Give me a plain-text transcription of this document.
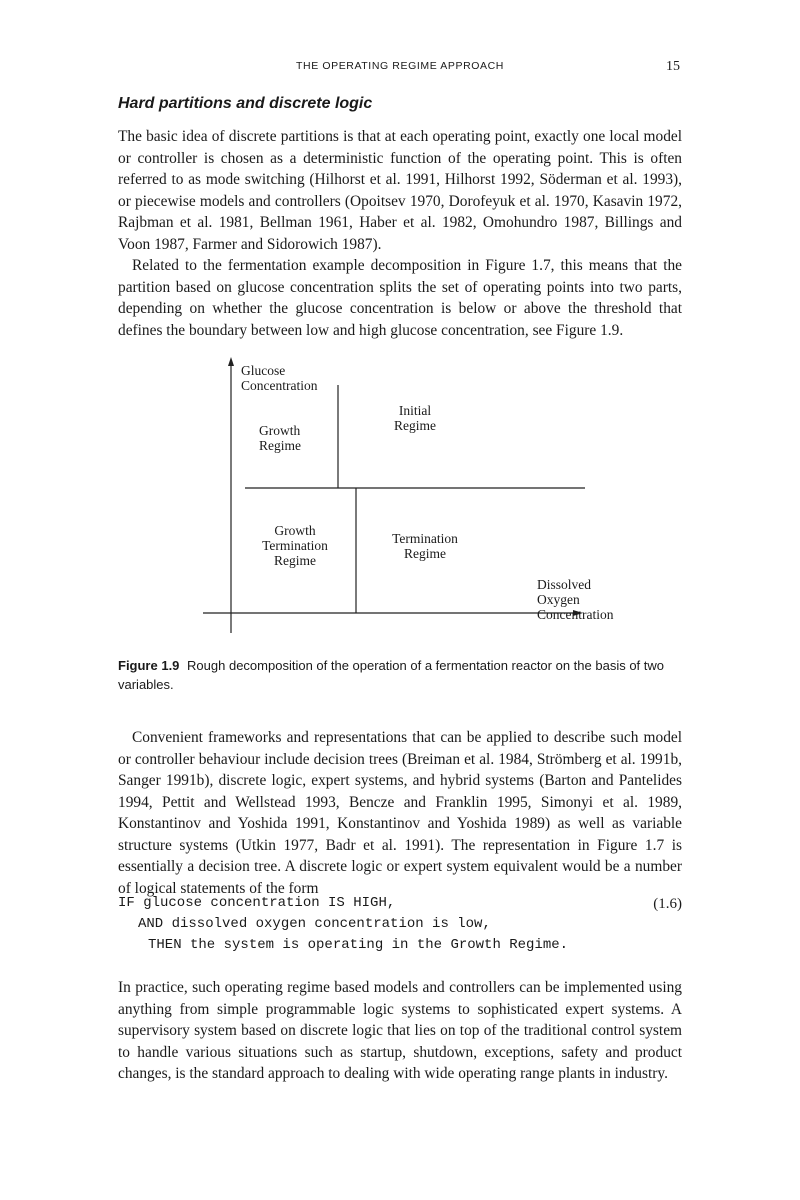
THE OPERATING REGIME APPROACH	15
Hard partitions and discrete logic

The basic idea of discrete partitions is that at each operating point, exactly one local model or controller is chosen as a deterministic function of the operating point. This is often referred to as mode switching (Hilhorst et al. 1991, Hilhorst 1992, Söderman et al. 1993), or piecewise models and controllers (Opoitsev 1970, Dorofeyuk et al. 1970, Kasavin 1972, Rajbman et al. 1981, Bellman 1961, Haber et al. 1982, Omohundro 1987, Billings and Voon 1987, Farmer and Sidorowich 1987).

Related to the fermentation example decomposition in Figure 1.7, this means that the partition based on glucose concentration splits the set of operating points into two parts, depending on whether the glucose concentration is below or above the threshold that defines the boundary between low and high glucose concentration, see Figure 1.9.

Glucose
Concentration
Growth
Regime
Initial
Regime
Growth
Termination
Regime
Termination
Regime
Dissolved Oxygen
Concentration

Figure 1.9 Rough decomposition of the operation of a fermentation reactor on the basis of two variables.

Convenient frameworks and representations that can be applied to describe such model or controller behaviour include decision trees (Breiman et al. 1984, Strömberg et al. 1991b, Sanger 1991b), discrete logic, expert systems, and hybrid systems (Barton and Pantelides 1994, Pettit and Wellstead 1993, Bencze and Franklin 1995, Simonyi et al. 1989, Konstantinov and Yoshida 1991, Konstantinov and Yoshida 1989) as well as variable structure systems (Utkin 1977, Badr et al. 1991). The representation in Figure 1.7 is essentially a decision tree. A discrete logic or expert system equivalent would be a number of logical statements of the form

IF glucose concentration IS HIGH,
AND dissolved oxygen concentration is low,
THEN the system is operating in the Growth Regime.
(1.6)

In practice, such operating regime based models and controllers can be implemented using anything from simple programmable logic systems to sophisticated expert systems. A supervisory system based on discrete logic that lies on top of the traditional control system to handle various situations such as startup, shutdown, exceptions, safety and product changes, is the standard approach to dealing with wide operating range plants in industry.
